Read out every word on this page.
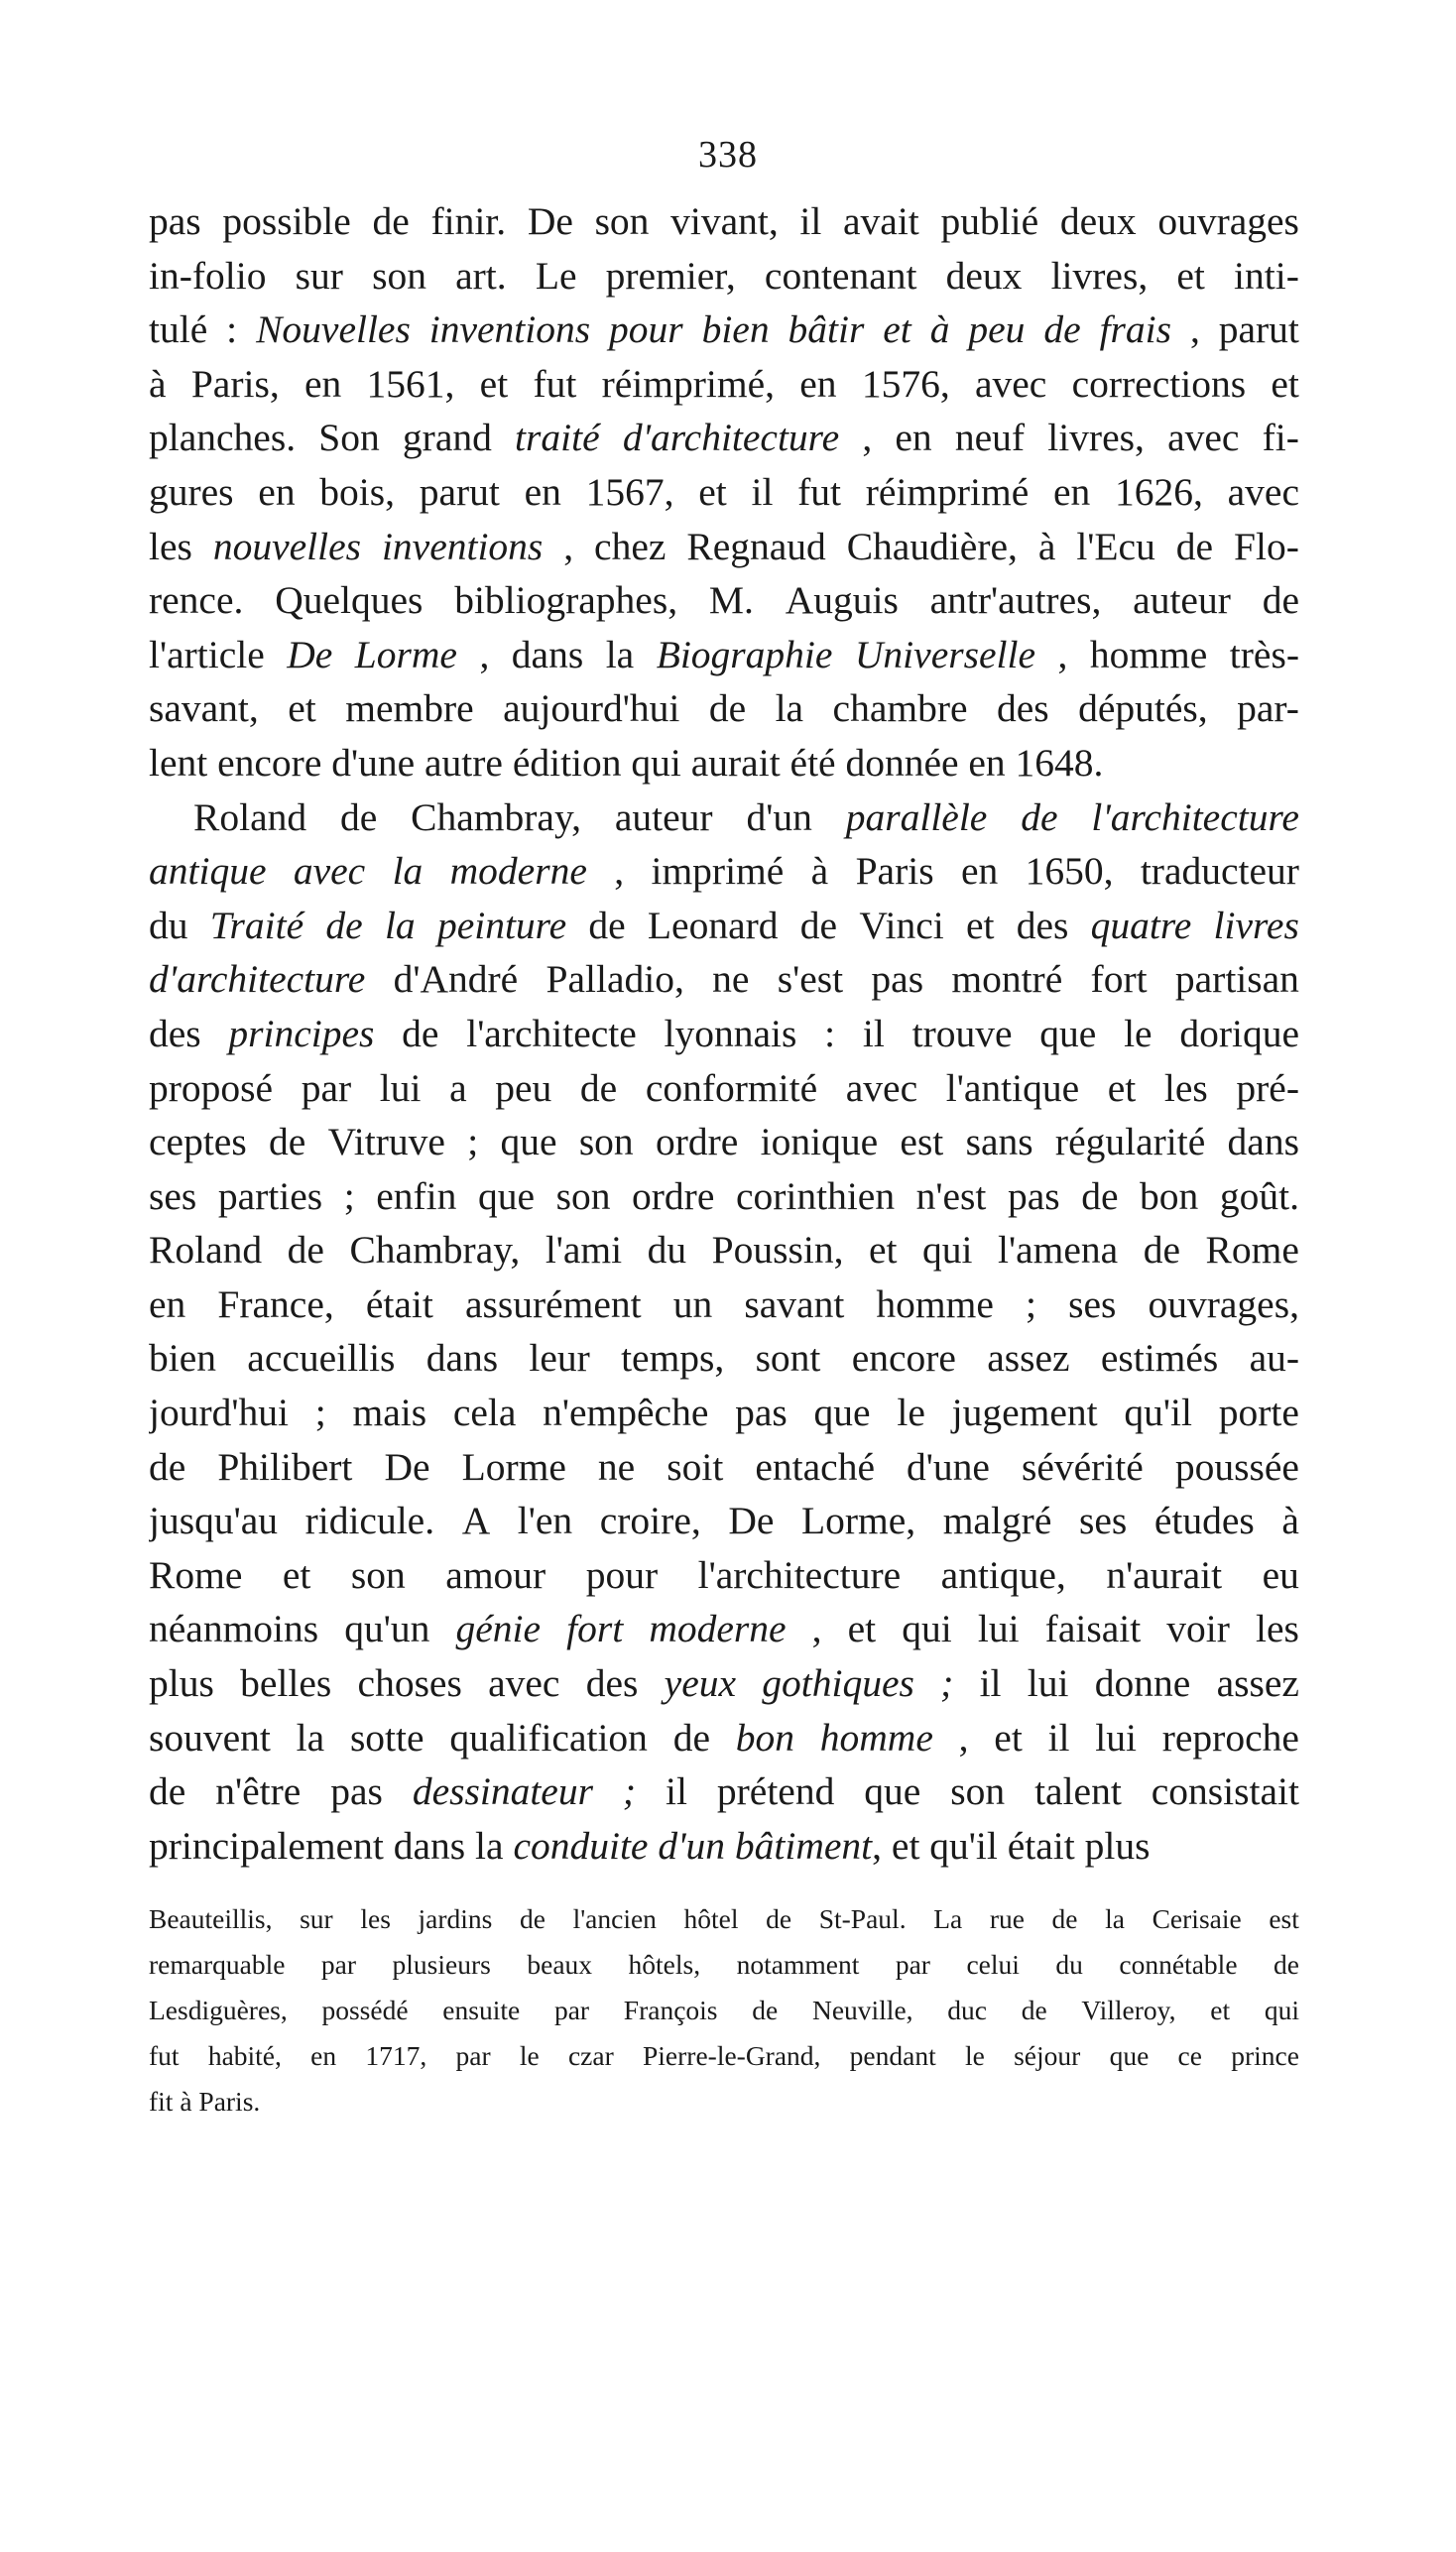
338
pas possible de finir. De son vivant, il avait publié deux ouvrages
in-folio sur son art. Le premier, contenant deux livres, et inti-
tulé : Nouvelles inventions pour bien bâtir et à peu de frais , parut
à Paris, en 1561, et fut réimprimé, en 1576, avec corrections et
planches. Son grand traité d'architecture , en neuf livres, avec fi-
gures en bois, parut en 1567, et il fut réimprimé en 1626, avec
les nouvelles inventions , chez Regnaud Chaudière, à l'Ecu de Flo-
rence. Quelques bibliographes, M. Auguis antr'autres, auteur de
l'article De Lorme , dans la Biographie Universelle , homme très-
savant, et membre aujourd'hui de la chambre des députés, par-
lent encore d'une autre édition qui aurait été donnée en 1648.
Roland de Chambray, auteur d'un parallèle de l'architecture
antique avec la moderne , imprimé à Paris en 1650, traducteur
du Traité de la peinture de Leonard de Vinci et des quatre livres
d'architecture d'André Palladio, ne s'est pas montré fort partisan
des principes de l'architecte lyonnais : il trouve que le dorique
proposé par lui a peu de conformité avec l'antique et les pré-
ceptes de Vitruve ; que son ordre ionique est sans régularité dans
ses parties ; enfin que son ordre corinthien n'est pas de bon goût.
Roland de Chambray, l'ami du Poussin, et qui l'amena de Rome
en France, était assurément un savant homme ; ses ouvrages,
bien accueillis dans leur temps, sont encore assez estimés au-
jourd'hui ; mais cela n'empêche pas que le jugement qu'il porte
de Philibert De Lorme ne soit entaché d'une sévérité poussée
jusqu'au ridicule. A l'en croire, De Lorme, malgré ses études à
Rome et son amour pour l'architecture antique, n'aurait eu
néanmoins qu'un génie fort moderne , et qui lui faisait voir les
plus belles choses avec des yeux gothiques ; il lui donne assez
souvent la sotte qualification de bon homme , et il lui reproche
de n'être pas dessinateur ; il prétend que son talent consistait
principalement dans la conduite d'un bâtiment , et qu'il était plus
Beauteillis, sur les jardins de l'ancien hôtel de St-Paul. La rue de la Cerisaie est
remarquable par plusieurs beaux hôtels, notamment par celui du connétable de
Lesdiguères, possédé ensuite par François de Neuville, duc de Villeroy, et qui
fut habité, en 1717, par le czar Pierre-le-Grand, pendant le séjour que ce prince
fit à Paris.
